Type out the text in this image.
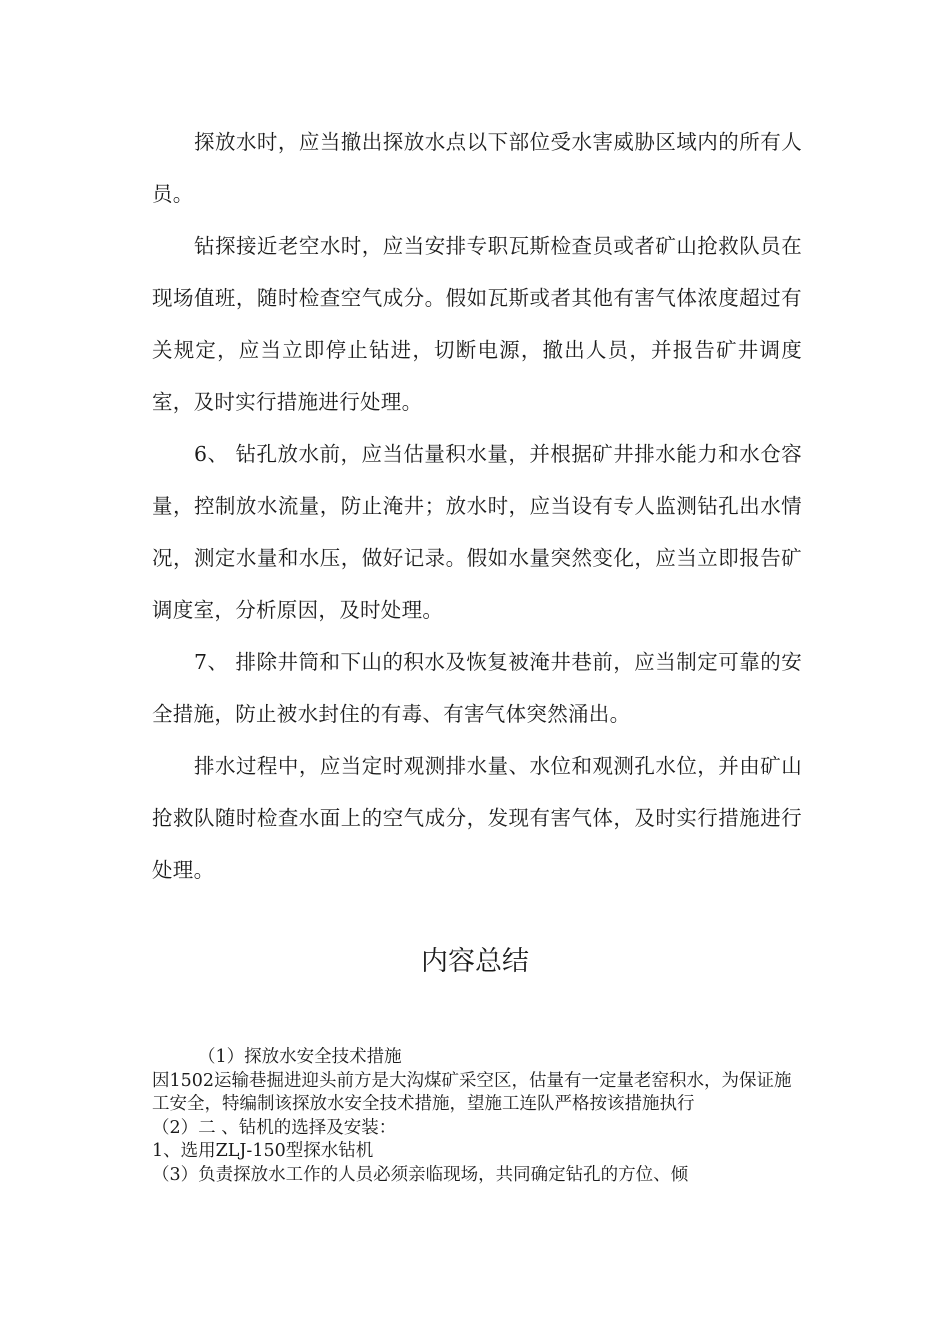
探放水时，应当撤出探放水点以下部位受水害威胁区域内的所有人员。

钻探接近老空水时，应当安排专职瓦斯检查员或者矿山抢救队员在现场值班，随时检查空气成分。假如瓦斯或者其他有害气体浓度超过有关规定，应当立即停止钻进，切断电源，撤出人员，并报告矿井调度室，及时实行措施进行处理。

6、 钻孔放水前，应当估量积水量，并根据矿井排水能力和水仓容量，控制放水流量，防止淹井；放水时，应当设有专人监测钻孔出水情况，测定水量和水压，做好记录。假如水量突然变化，应当立即报告矿调度室，分析原因，及时处理。

7、 排除井筒和下山的积水及恢复被淹井巷前，应当制定可靠的安全措施，防止被水封住的有毒、有害气体突然涌出。

排水过程中，应当定时观测排水量、水位和观测孔水位，并由矿山抢救队随时检查水面上的空气成分，发现有害气体，及时实行措施进行处理。

内容总结

（1）探放水安全技术措施

因1502运输巷掘进迎头前方是大沟煤矿采空区，估量有一定量老窑积水，为保证施工安全，特编制该探放水安全技术措施，望施工连队严格按该措施执行

（2）二 、钻机的选择及安装：

1、选用ZLJ-150型探水钻机

（3）负责探放水工作的人员必须亲临现场，共同确定钻孔的方位、倾
